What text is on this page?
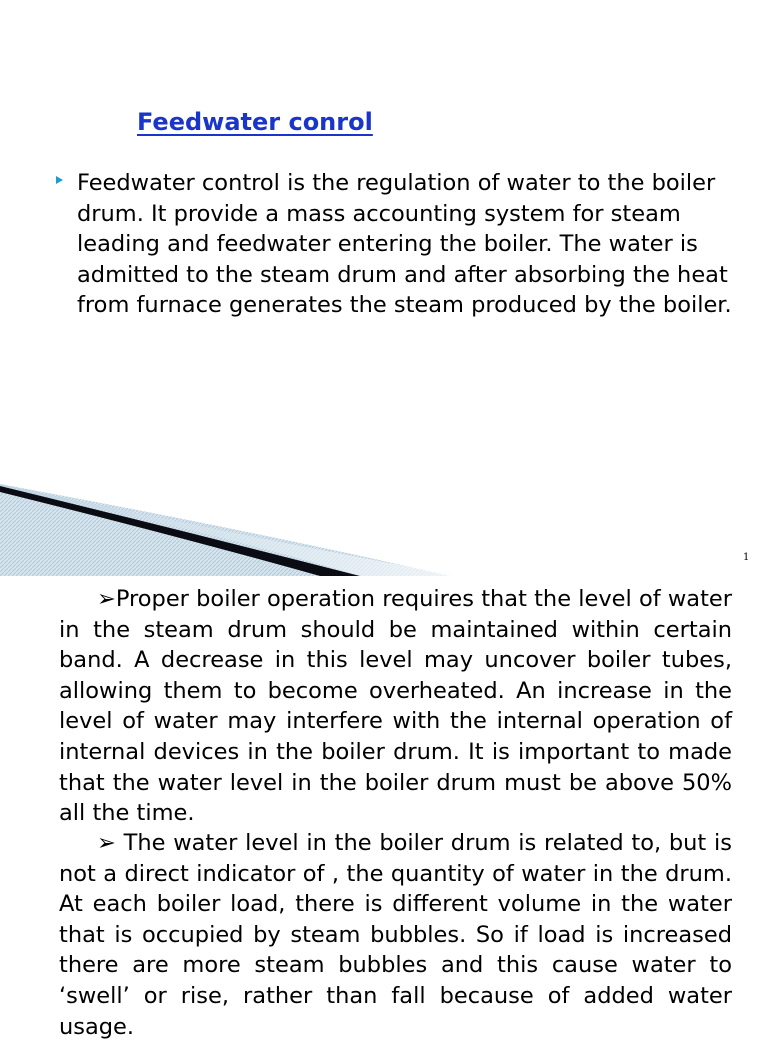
Feedwater conrol
Feedwater control is the regulation of water to the boiler drum. It provide a mass accounting system for steam leading and feedwater entering the boiler. The water is admitted to the steam drum and after absorbing the heat from furnace generates the steam produced by the boiler.
1
➢Proper boiler operation requires that the level of water in the steam drum should be maintained within certain band. A decrease in this level may uncover boiler tubes, allowing them to become overheated. An increase in the level of water may interfere with the internal operation of internal devices in the boiler drum. It is important to made that the water level in the boiler drum must be above 50% all the time.
➢ The water level in the boiler drum is related to, but is not a direct indicator of , the quantity of water in the drum. At each boiler load, there is different volume in the water that is occupied by steam bubbles. So if load is increased there are more steam bubbles and this cause water to ‘swell’ or rise, rather than fall because of added water usage.
